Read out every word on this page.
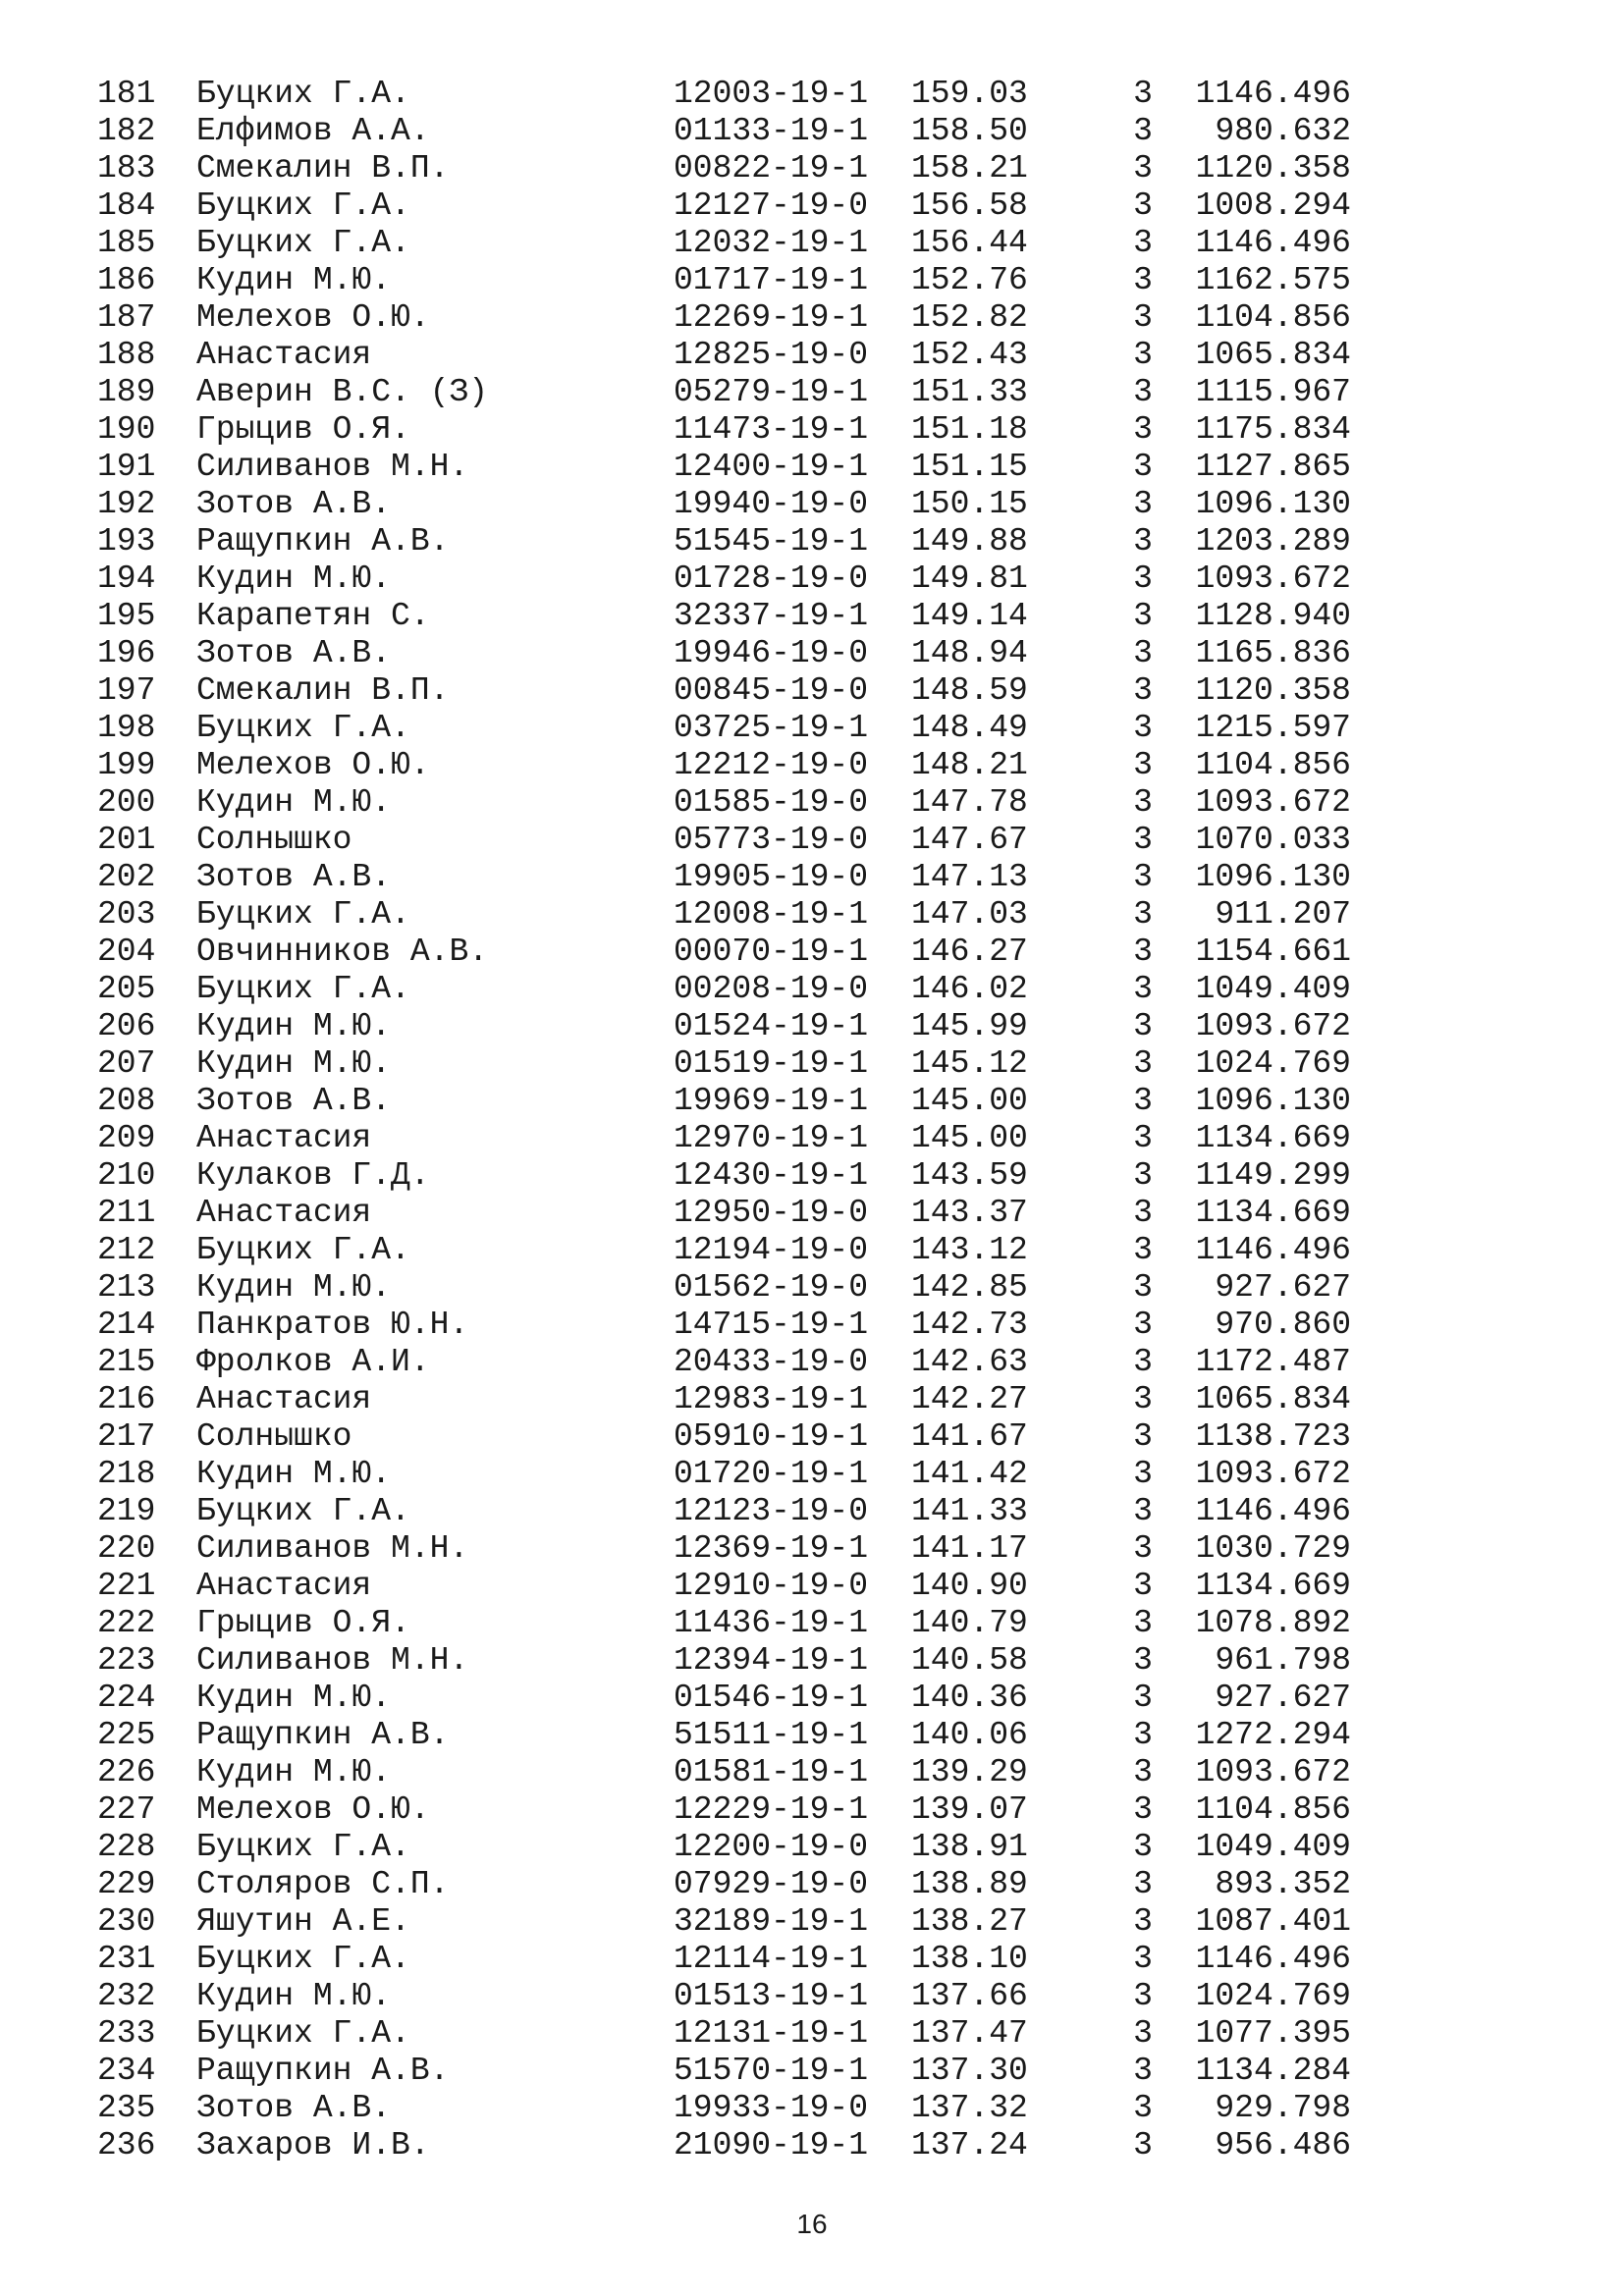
181 Буцких Г.А.	12003-19-1 159.03	3	1146.496
182 Елфимов А.А.	01133-19-1 158.50	3	980.632
183 Смекалин В.П.	00822-19-1 158.21	3	1120.358
184 Буцких Г.А.	12127-19-0 156.58	3	1008.294
185 Буцких Г.А.	12032-19-1 156.44	3	1146.496
186 Кудин М.Ю.	01717-19-1 152.76	3	1162.575
187 Мелехов О.Ю.	12269-19-1 152.82	3	1104.856
188 Анастасия	12825-19-0 152.43	3	1065.834
189 Аверин В.С. (З)	05279-19-1 151.33	3	1115.967
190 Грыцив О.Я.	11473-19-1 151.18	3	1175.834
191 Силиванов М.Н.	12400-19-1 151.15	3	1127.865
192 Зотов А.В.	19940-19-0 150.15	3	1096.130
193 Ращупкин А.В.	51545-19-1 149.88	3	1203.289
194 Кудин М.Ю.	01728-19-0 149.81	3	1093.672
195 Карапетян С.	32337-19-1 149.14	3	1128.940
196 Зотов А.В.	19946-19-0 148.94	3	1165.836
197 Смекалин В.П.	00845-19-0 148.59	3	1120.358
198 Буцких Г.А.	03725-19-1 148.49	3	1215.597
199 Мелехов О.Ю.	12212-19-0 148.21	3	1104.856
200 Кудин М.Ю.	01585-19-0 147.78	3	1093.672
201 Солнышко	05773-19-0 147.67	3	1070.033
202 Зотов А.В.	19905-19-0 147.13	3	1096.130
203 Буцких Г.А.	12008-19-1 147.03	3	911.207
204 Овчинников А.В.	00070-19-1 146.27	3	1154.661
205 Буцких Г.А.	00208-19-0 146.02	3	1049.409
206 Кудин М.Ю.	01524-19-1 145.99	3	1093.672
207 Кудин М.Ю.	01519-19-1 145.12	3	1024.769
208 Зотов А.В.	19969-19-1 145.00	3	1096.130
209 Анастасия	12970-19-1 145.00	3	1134.669
210 Кулаков Г.Д.	12430-19-1 143.59	3	1149.299
211 Анастасия	12950-19-0 143.37	3	1134.669
212 Буцких Г.А.	12194-19-0 143.12	3	1146.496
213 Кудин М.Ю.	01562-19-0 142.85	3	927.627
214 Панкратов Ю.Н.	14715-19-1 142.73	3	970.860
215 Фролков А.И.	20433-19-0 142.63	3	1172.487
216 Анастасия	12983-19-1 142.27	3	1065.834
217 Солнышко	05910-19-1 141.67	3	1138.723
218 Кудин М.Ю.	01720-19-1 141.42	3	1093.672
219 Буцких Г.А.	12123-19-0 141.33	3	1146.496
220 Силиванов М.Н.	12369-19-1 141.17	3	1030.729
221 Анастасия	12910-19-0 140.90	3	1134.669
222 Грыцив О.Я.	11436-19-1 140.79	3	1078.892
223 Силиванов М.Н.	12394-19-1 140.58	3	961.798
224 Кудин М.Ю.	01546-19-1 140.36	3	927.627
225 Ращупкин А.В.	51511-19-1 140.06	3	1272.294
226 Кудин М.Ю.	01581-19-1 139.29	3	1093.672
227 Мелехов О.Ю.	12229-19-1 139.07	3	1104.856
228 Буцких Г.А.	12200-19-0 138.91	3	1049.409
229 Столяров С.П.	07929-19-0 138.89	3	893.352
230 Яшутин А.Е.	32189-19-1 138.27	3	1087.401
231 Буцких Г.А.	12114-19-1 138.10	3	1146.496
232 Кудин М.Ю.	01513-19-1 137.66	3	1024.769
233 Буцких Г.А.	12131-19-1 137.47	3	1077.395
234 Ращупкин А.В.	51570-19-1 137.30	3	1134.284
235 Зотов А.В.	19933-19-0 137.32	3	929.798
236 Захаров И.В.	21090-19-1 137.24	3	956.486
16
